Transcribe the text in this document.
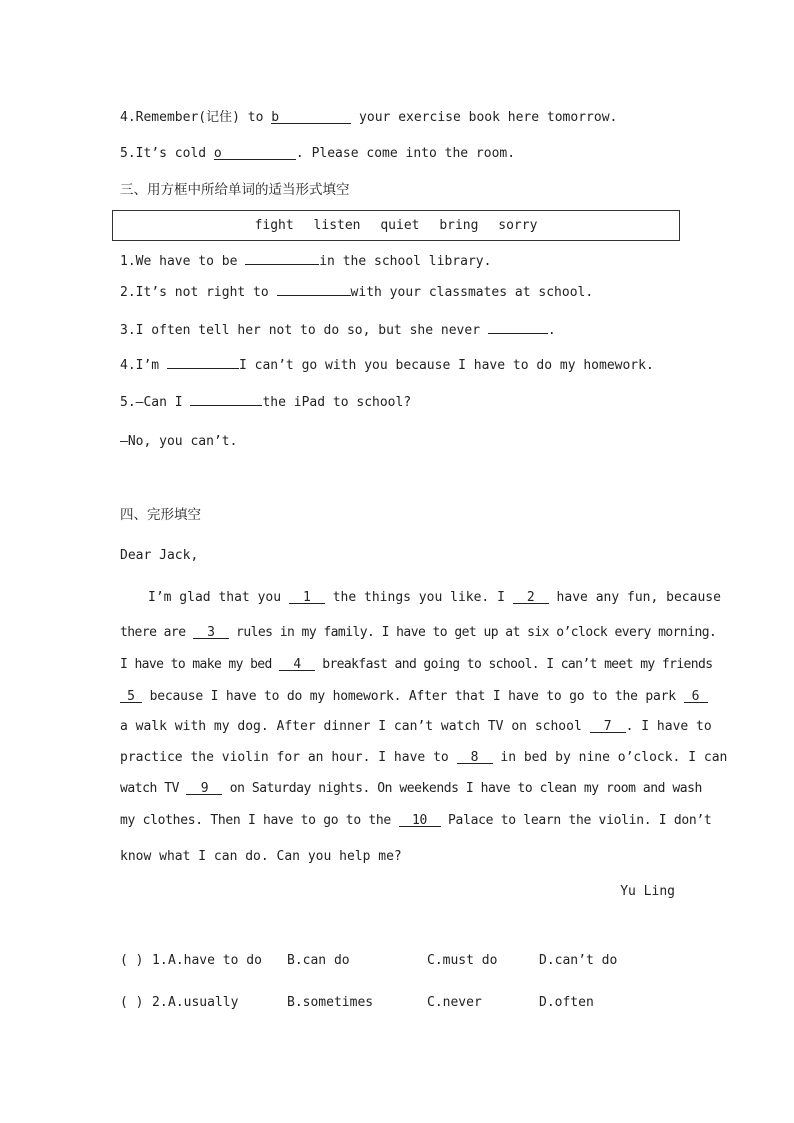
4.Remember(记住) to b	your exercise book here tomorrow.
5.It’s cold o	. Please come into the room.
三、用方框中所给单词的适当形式填空
fight listen quiet bring sorry
1.We have to be	in the school library.
2.It’s not right to	with your classmates at school.
3.I often tell her not to do so, but she never	.
4.I’m	I can’t go with you because I have to do my homework.
5.—Can I	the iPad to school?
—No, you can’t.
四、完形填空
Dear Jack,
I’m glad that you 1 the things you like. I 2 have any fun, because
there are 3 rules in my family. I have to get up at six o’clock every morning.
I have to make my bed 4 breakfast and going to school. I can’t meet my friends
5 because I have to do my homework. After that I have to go to the park 6
a walk with my dog. After dinner I can’t watch TV on school 7 . I have to
practice the violin for an hour. I have to 8 in bed by nine o’clock. I can
watch TV 9 on Saturday nights. On weekends I have to clean my room and wash
my clothes. Then I have to go to the 10 Palace to learn the violin. I don’t
know what I can do. Can you help me?
Yu Ling
( ) 1. A.have to do B.can do	C.must do	D.can’t do
( ) 2. A.usually	B.sometimes	C.never	D.often
